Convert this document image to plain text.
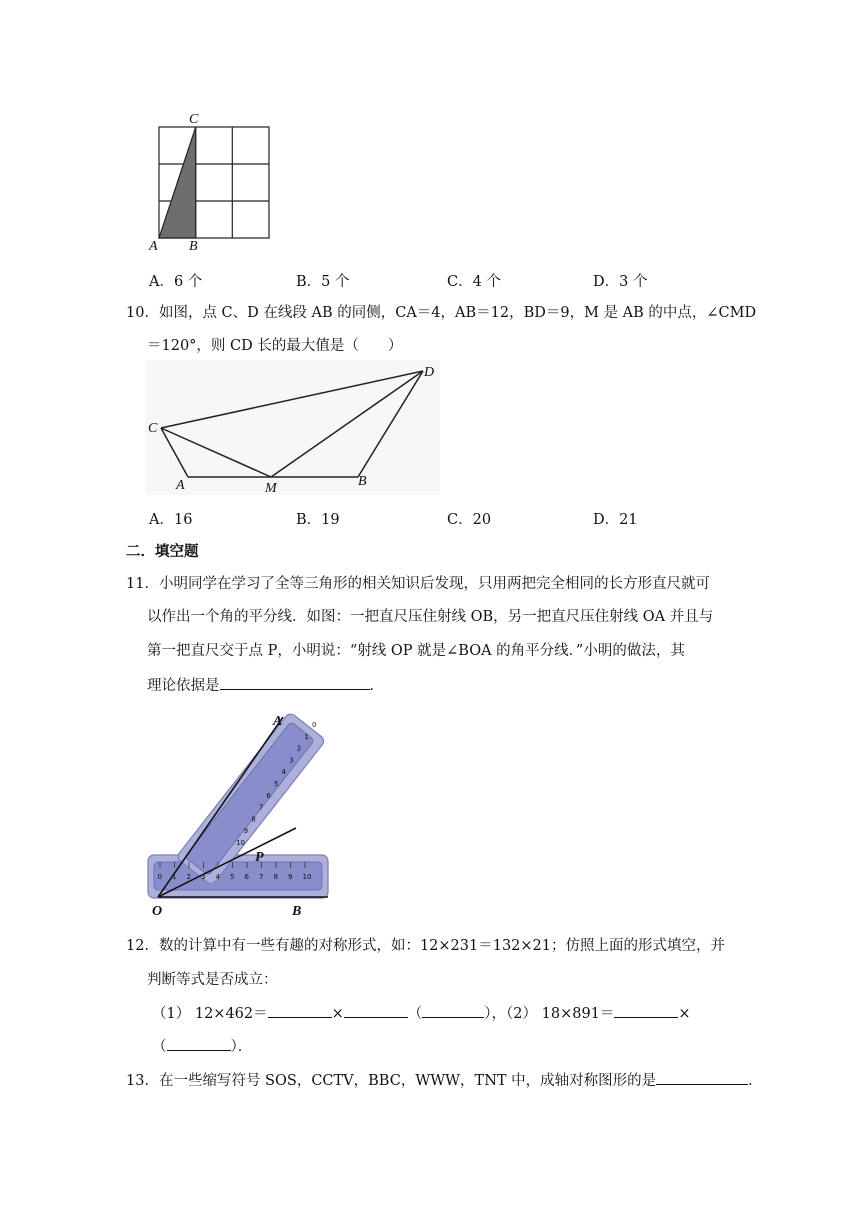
C
A B
A．6 个	B．5 个	C．4 个	D．3 个
10．如图，点 C、D 在线段 AB 的同侧，CA＝4，AB＝12，BD＝9，M 是 AB 的中点，∠CMD
＝120°，则 CD 长的最大值是（　　）
C
D
A	M	B
A．16	B．19	C．20	D．21
二．填空题
11．小明同学在学习了全等三角形的相关知识后发现，只用两把完全相同的长方形直尺就可
以作出一个角的平分线．如图：一把直尺压住射线 OB，另一把直尺压住射线 OA 并且与
第一把直尺交于点 P，小明说：“射线 OP 就是∠BOA 的角平分线．”小明的做法，其
理论依据是	．
0 1 2 3 4 5 6 7 8 9 10
0
1
2
3
4
5
6
7
8
9
10
A
P
O	B
12．数的计算中有一些有趣的对称形式，如：12×231＝132×21；仿照上面的形式填空，并
判断等式是否成立：
（1） 12×462＝	×	（	），（2） 18×891＝	×
（	）．
13．在一些缩写符号 SOS，CCTV，BBC，WWW，TNT 中，成轴对称图形的是	．
